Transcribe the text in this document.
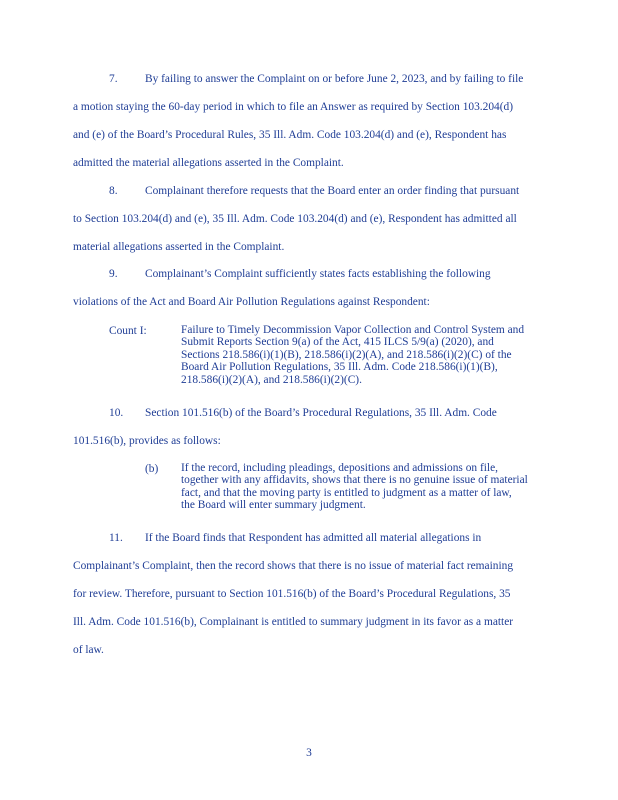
7. By failing to answer the Complaint on or before June 2, 2023, and by failing to file
a motion staying the 60-day period in which to file an Answer as required by Section 103.204(d)
and (e) of the Board’s Procedural Rules, 35 Ill. Adm. Code 103.204(d) and (e), Respondent has
admitted the material allegations asserted in the Complaint.
8. Complainant therefore requests that the Board enter an order finding that pursuant
to Section 103.204(d) and (e), 35 Ill. Adm. Code 103.204(d) and (e), Respondent has admitted all
material allegations asserted in the Complaint.
9. Complainant’s Complaint sufficiently states facts establishing the following
violations of the Act and Board Air Pollution Regulations against Respondent:
Count I:	Failure to Timely Decommission Vapor Collection and Control System and
Submit Reports Section 9(a) of the Act, 415 ILCS 5/9(a) (2020), and
Sections 218.586(i)(1)(B), 218.586(i)(2)(A), and 218.586(i)(2)(C) of the
Board Air Pollution Regulations, 35 Ill. Adm. Code 218.586(i)(1)(B),
218.586(i)(2)(A), and 218.586(i)(2)(C).
10. Section 101.516(b) of the Board’s Procedural Regulations, 35 Ill. Adm. Code
101.516(b), provides as follows:
(b) If the record, including pleadings, depositions and admissions on file,
together with any affidavits, shows that there is no genuine issue of material
fact, and that the moving party is entitled to judgment as a matter of law,
the Board will enter summary judgment.
11. If the Board finds that Respondent has admitted all material allegations in
Complainant’s Complaint, then the record shows that there is no issue of material fact remaining
for review. Therefore, pursuant to Section 101.516(b) of the Board’s Procedural Regulations, 35
Ill. Adm. Code 101.516(b), Complainant is entitled to summary judgment in its favor as a matter
of law.
3
